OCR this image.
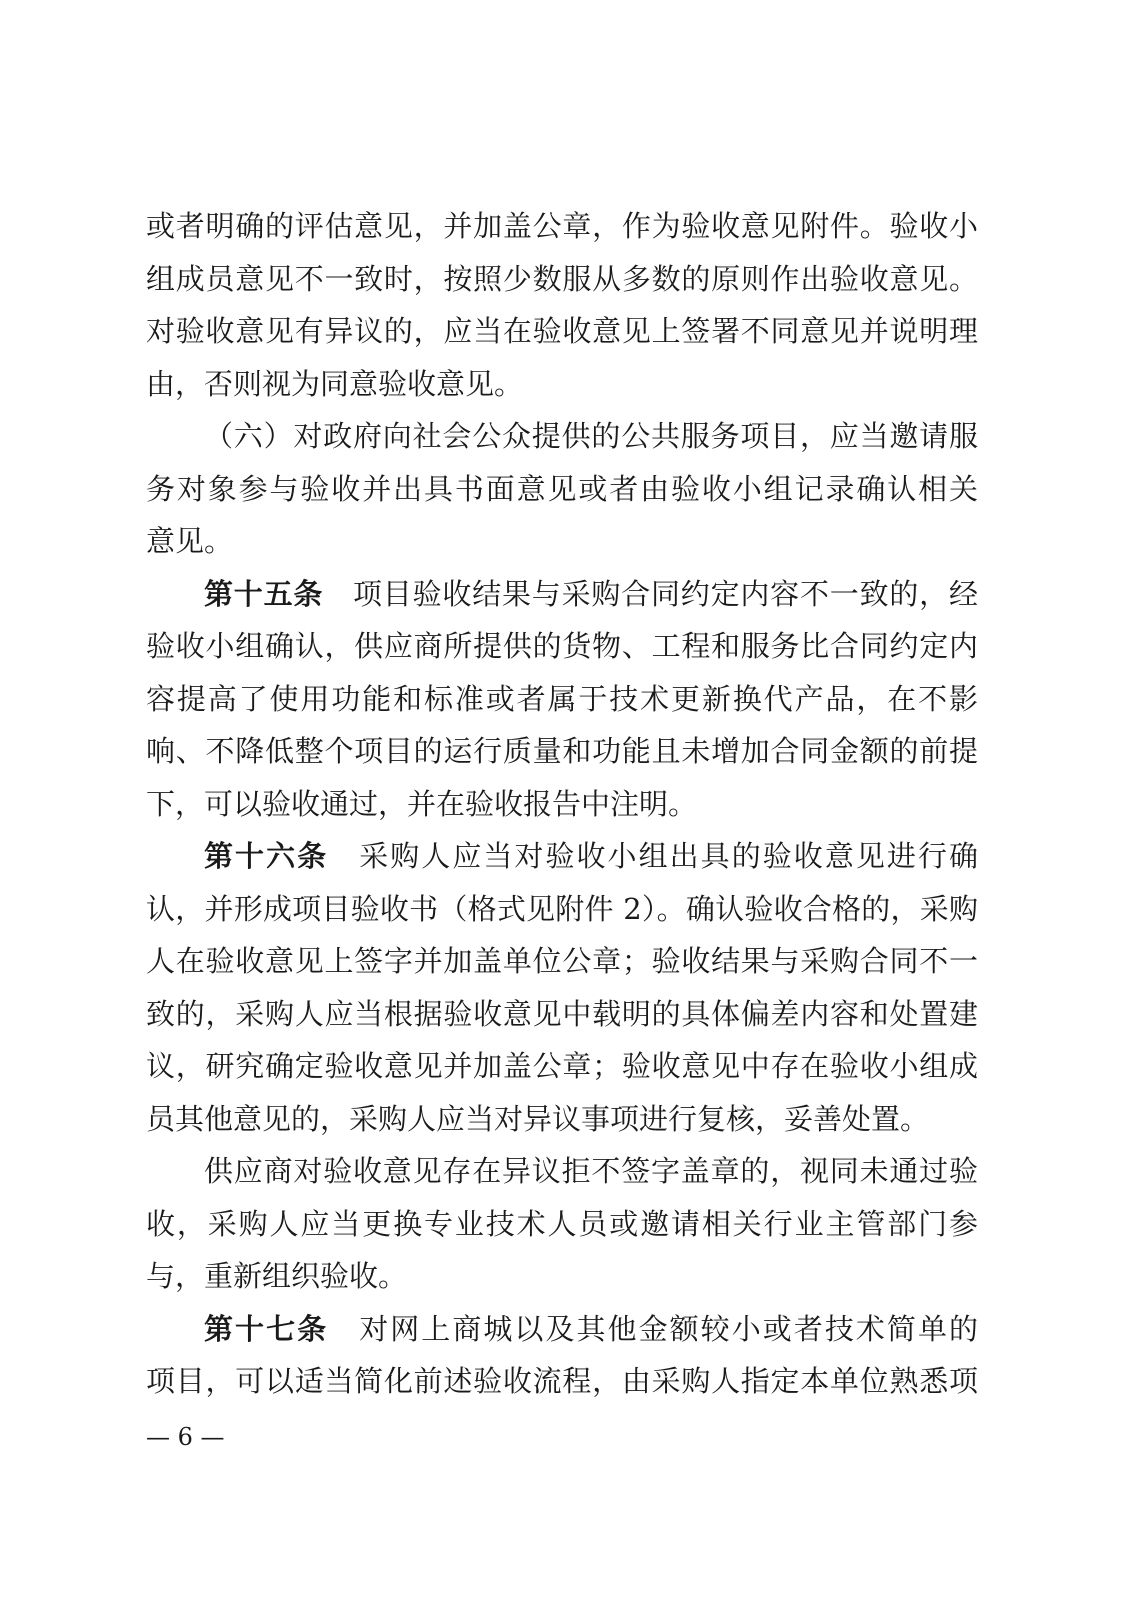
或者明确的评估意见，并加盖公章，作为验收意见附件。验收小
组成员意见不一致时，按照少数服从多数的原则作出验收意见。
对验收意见有异议的，应当在验收意见上签署不同意见并说明理
由，否则视为同意验收意见。
（六）对政府向社会公众提供的公共服务项目，应当邀请服
务对象参与验收并出具书面意见或者由验收小组记录确认相关
意见。
第十五条 项目验收结果与采购合同约定内容不一致的，经
验收小组确认，供应商所提供的货物、工程和服务比合同约定内
容提高了使用功能和标准或者属于技术更新换代产品，在不影
响、不降低整个项目的运行质量和功能且未增加合同金额的前提
下，可以验收通过，并在验收报告中注明。
第十六条 采购人应当对验收小组出具的验收意见进行确
认，并形成项目验收书（格式见附件 2）。确认验收合格的，采购
人在验收意见上签字并加盖单位公章；验收结果与采购合同不一
致的，采购人应当根据验收意见中载明的具体偏差内容和处置建
议，研究确定验收意见并加盖公章；验收意见中存在验收小组成
员其他意见的，采购人应当对异议事项进行复核，妥善处置。
供应商对验收意见存在异议拒不签字盖章的，视同未通过验
收，采购人应当更换专业技术人员或邀请相关行业主管部门参
与，重新组织验收。
第十七条 对网上商城以及其他金额较小或者技术简单的
项目，可以适当简化前述验收流程，由采购人指定本单位熟悉项
— 6 —
